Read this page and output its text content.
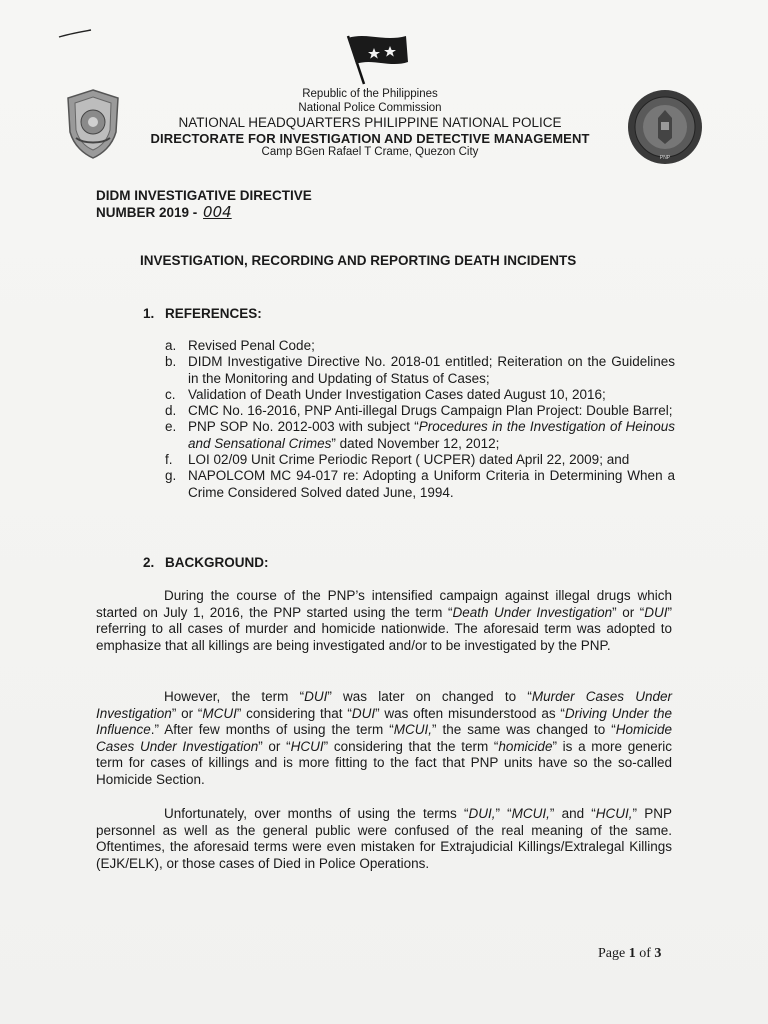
PNP
Republic of the Philippines
National Police Commission
NATIONAL HEADQUARTERS PHILIPPINE NATIONAL POLICE
DIRECTORATE FOR INVESTIGATION AND DETECTIVE MANAGEMENT
Camp BGen Rafael T Crame, Quezon City
DIDM INVESTIGATIVE DIRECTIVE
NUMBER 2019 - 004
INVESTIGATION, RECORDING AND REPORTING DEATH INCIDENTS
1. REFERENCES:
a. Revised Penal Code;
b. DIDM Investigative Directive No. 2018-01 entitled; Reiteration on the Guidelines in the Monitoring and Updating of Status of Cases;
c. Validation of Death Under Investigation Cases dated August 10, 2016;
d. CMC No. 16-2016, PNP Anti-illegal Drugs Campaign Plan Project: Double Barrel;
e. PNP SOP No. 2012-003 with subject “Procedures in the Investigation of Heinous and Sensational Crimes” dated November 12, 2012;
f.	LOI 02/09 Unit Crime Periodic Report ( UCPER) dated April 22, 2009; and
g. NAPOLCOM MC 94-017 re: Adopting a Uniform Criteria in Determining When a Crime Considered Solved dated June, 1994.
2. BACKGROUND:
During the course of the PNP’s intensified campaign against illegal drugs which started on July 1, 2016, the PNP started using the term “Death Under Investigation” or “DUI” referring to all cases of murder and homicide nationwide. The aforesaid term was adopted to emphasize that all killings are being investigated and/or to be investigated by the PNP.
However, the term “DUI” was later on changed to “Murder Cases Under Investigation” or “MCUI” considering that “DUI” was often misunderstood as “Driving Under the Influence.” After few months of using the term “MCUI,” the same was changed to “Homicide Cases Under Investigation” or “HCUI” considering that the term “homicide” is a more generic term for cases of killings and is more fitting to the fact that PNP units have so the so-called Homicide Section.
Unfortunately, over months of using the terms “DUI,” “MCUI,” and “HCUI,” PNP personnel as well as the general public were confused of the real meaning of the same. Oftentimes, the aforesaid terms were even mistaken for Extrajudicial Killings/Extralegal Killings (EJK/ELK), or those cases of Died in Police Operations.
Page 1 of 3
